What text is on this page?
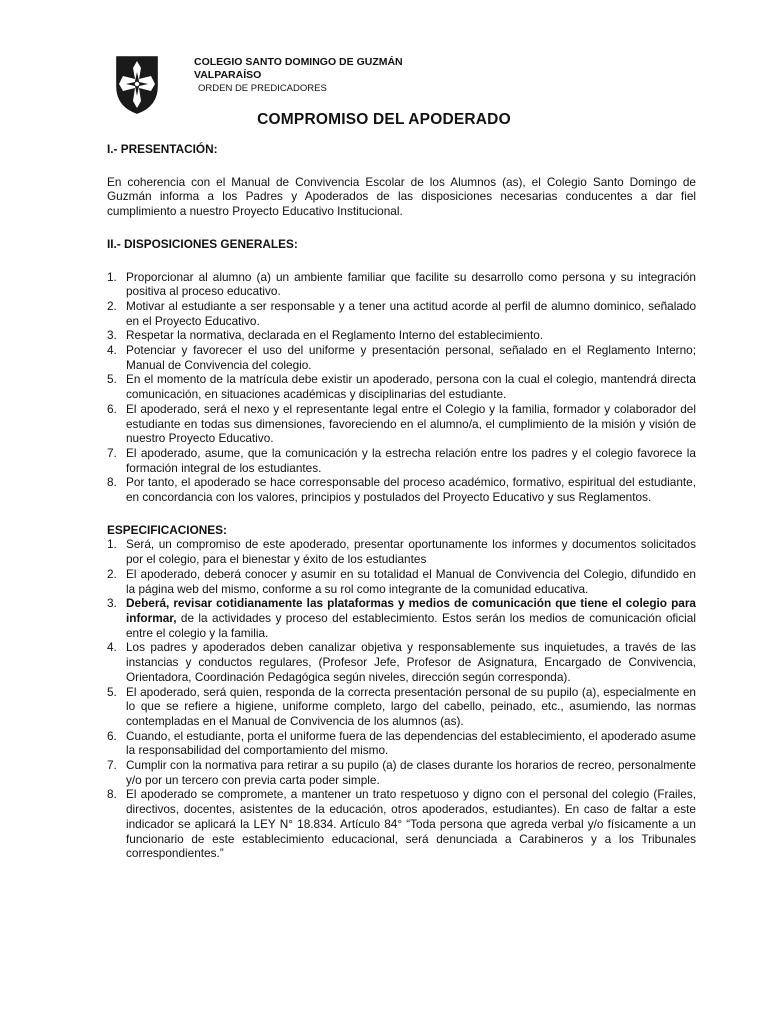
COLEGIO SANTO DOMINGO DE GUZMÁN
VALPARAÍSO
ORDEN DE PREDICADORES
COMPROMISO DEL APODERADO
I.- PRESENTACIÓN:

En coherencia con el Manual de Convivencia Escolar de los Alumnos (as), el Colegio Santo Domingo de Guzmán informa a los Padres y Apoderados de las disposiciones necesarias conducentes a dar fiel cumplimiento a nuestro Proyecto Educativo Institucional.

II.- DISPOSICIONES GENERALES:
1. Proporcionar al alumno (a) un ambiente familiar que facilite su desarrollo como persona y su integración positiva al proceso educativo.
2. Motivar al estudiante a ser responsable y a tener una actitud acorde al perfil de alumno dominico, señalado en el Proyecto Educativo.
3. Respetar la normativa, declarada en el Reglamento Interno del establecimiento.
4. Potenciar y favorecer el uso del uniforme y presentación personal, señalado en el Reglamento Interno; Manual de Convivencia del colegio.
5. En el momento de la matrícula debe existir un apoderado, persona con la cual el colegio, mantendrá directa comunicación, en situaciones académicas y disciplinarias del estudiante.
6. El apoderado, será el nexo y el representante legal entre el Colegio y la familia, formador y colaborador del estudiante en todas sus dimensiones, favoreciendo en el alumno/a, el cumplimiento de la misión y visión de nuestro Proyecto Educativo.
7. El apoderado, asume, que la comunicación y la estrecha relación entre los padres y el colegio favorece la formación integral de los estudiantes.
8. Por tanto, el apoderado se hace corresponsable del proceso académico, formativo, espiritual del estudiante, en concordancia con los valores, principios y postulados del Proyecto Educativo y sus Reglamentos.
ESPECIFICACIONES:
1. Será, un compromiso de este apoderado, presentar oportunamente los informes y documentos solicitados por el colegio, para el bienestar y éxito de los estudiantes
2. El apoderado, deberá conocer y asumir en su totalidad el Manual de Convivencia del Colegio, difundido en la página web del mismo, conforme a su rol como integrante de la comunidad educativa.
3. Deberá, revisar cotidianamente las plataformas y medios de comunicación que tiene el colegio para informar, de la actividades y proceso del establecimiento. Estos serán los medios de comunicación oficial entre el colegio y la familia.
4. Los padres y apoderados deben canalizar objetiva y responsablemente sus inquietudes, a través de las instancias y conductos regulares, (Profesor Jefe, Profesor de Asignatura, Encargado de Convivencia, Orientadora, Coordinación Pedagógica según niveles, dirección según corresponda).
5. El apoderado, será quien, responda de la correcta presentación personal de su pupilo (a), especialmente en lo que se refiere a higiene, uniforme completo, largo del cabello, peinado, etc., asumiendo, las normas contempladas en el Manual de Convivencia de los alumnos (as).
6. Cuando, el estudiante, porta el uniforme fuera de las dependencias del establecimiento, el apoderado asume la responsabilidad del comportamiento del mismo.
7. Cumplir con la normativa para retirar a su pupilo (a) de clases durante los horarios de recreo, personalmente y/o por un tercero con previa carta poder simple.
8. El apoderado se compromete, a mantener un trato respetuoso y digno con el personal del colegio (Frailes, directivos, docentes, asistentes de la educación, otros apoderados, estudiantes). En caso de faltar a este indicador se aplicará la LEY N° 18.834. Artículo 84° “Toda persona que agreda verbal y/o físicamente a un funcionario de este establecimiento educacional, será denunciada a Carabineros y a los Tribunales correspondientes.”
